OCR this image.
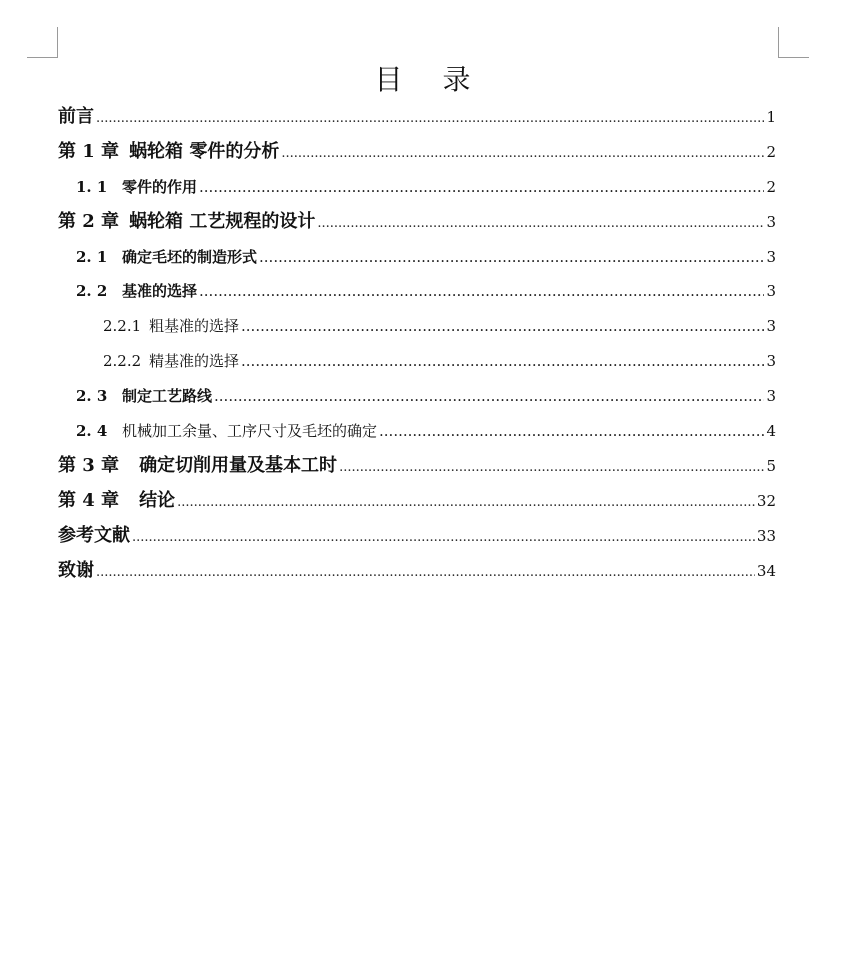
目 录
前言 .....	1
第 1 章 蜗轮箱 零件的分析 .....	2
1. 1 零件的作用 .....	2
第 2 章 蜗轮箱 工艺规程的设计 .....	3
2. 1 确定毛坯的制造形式 .....	3
2. 2 基准的选择 .....	3
2.2.1 粗基准的选择 .....	3
2.2.2 精基准的选择 .....	3
2. 3 制定工艺路线 .....	3
2. 4 机械加工余量、工序尺寸及毛坯的确定 .....	4
第 3 章 确定切削用量及基本工时 .....	5
第 4 章 结论 .....	32
参考文献 .....	33
致谢 .....	34
